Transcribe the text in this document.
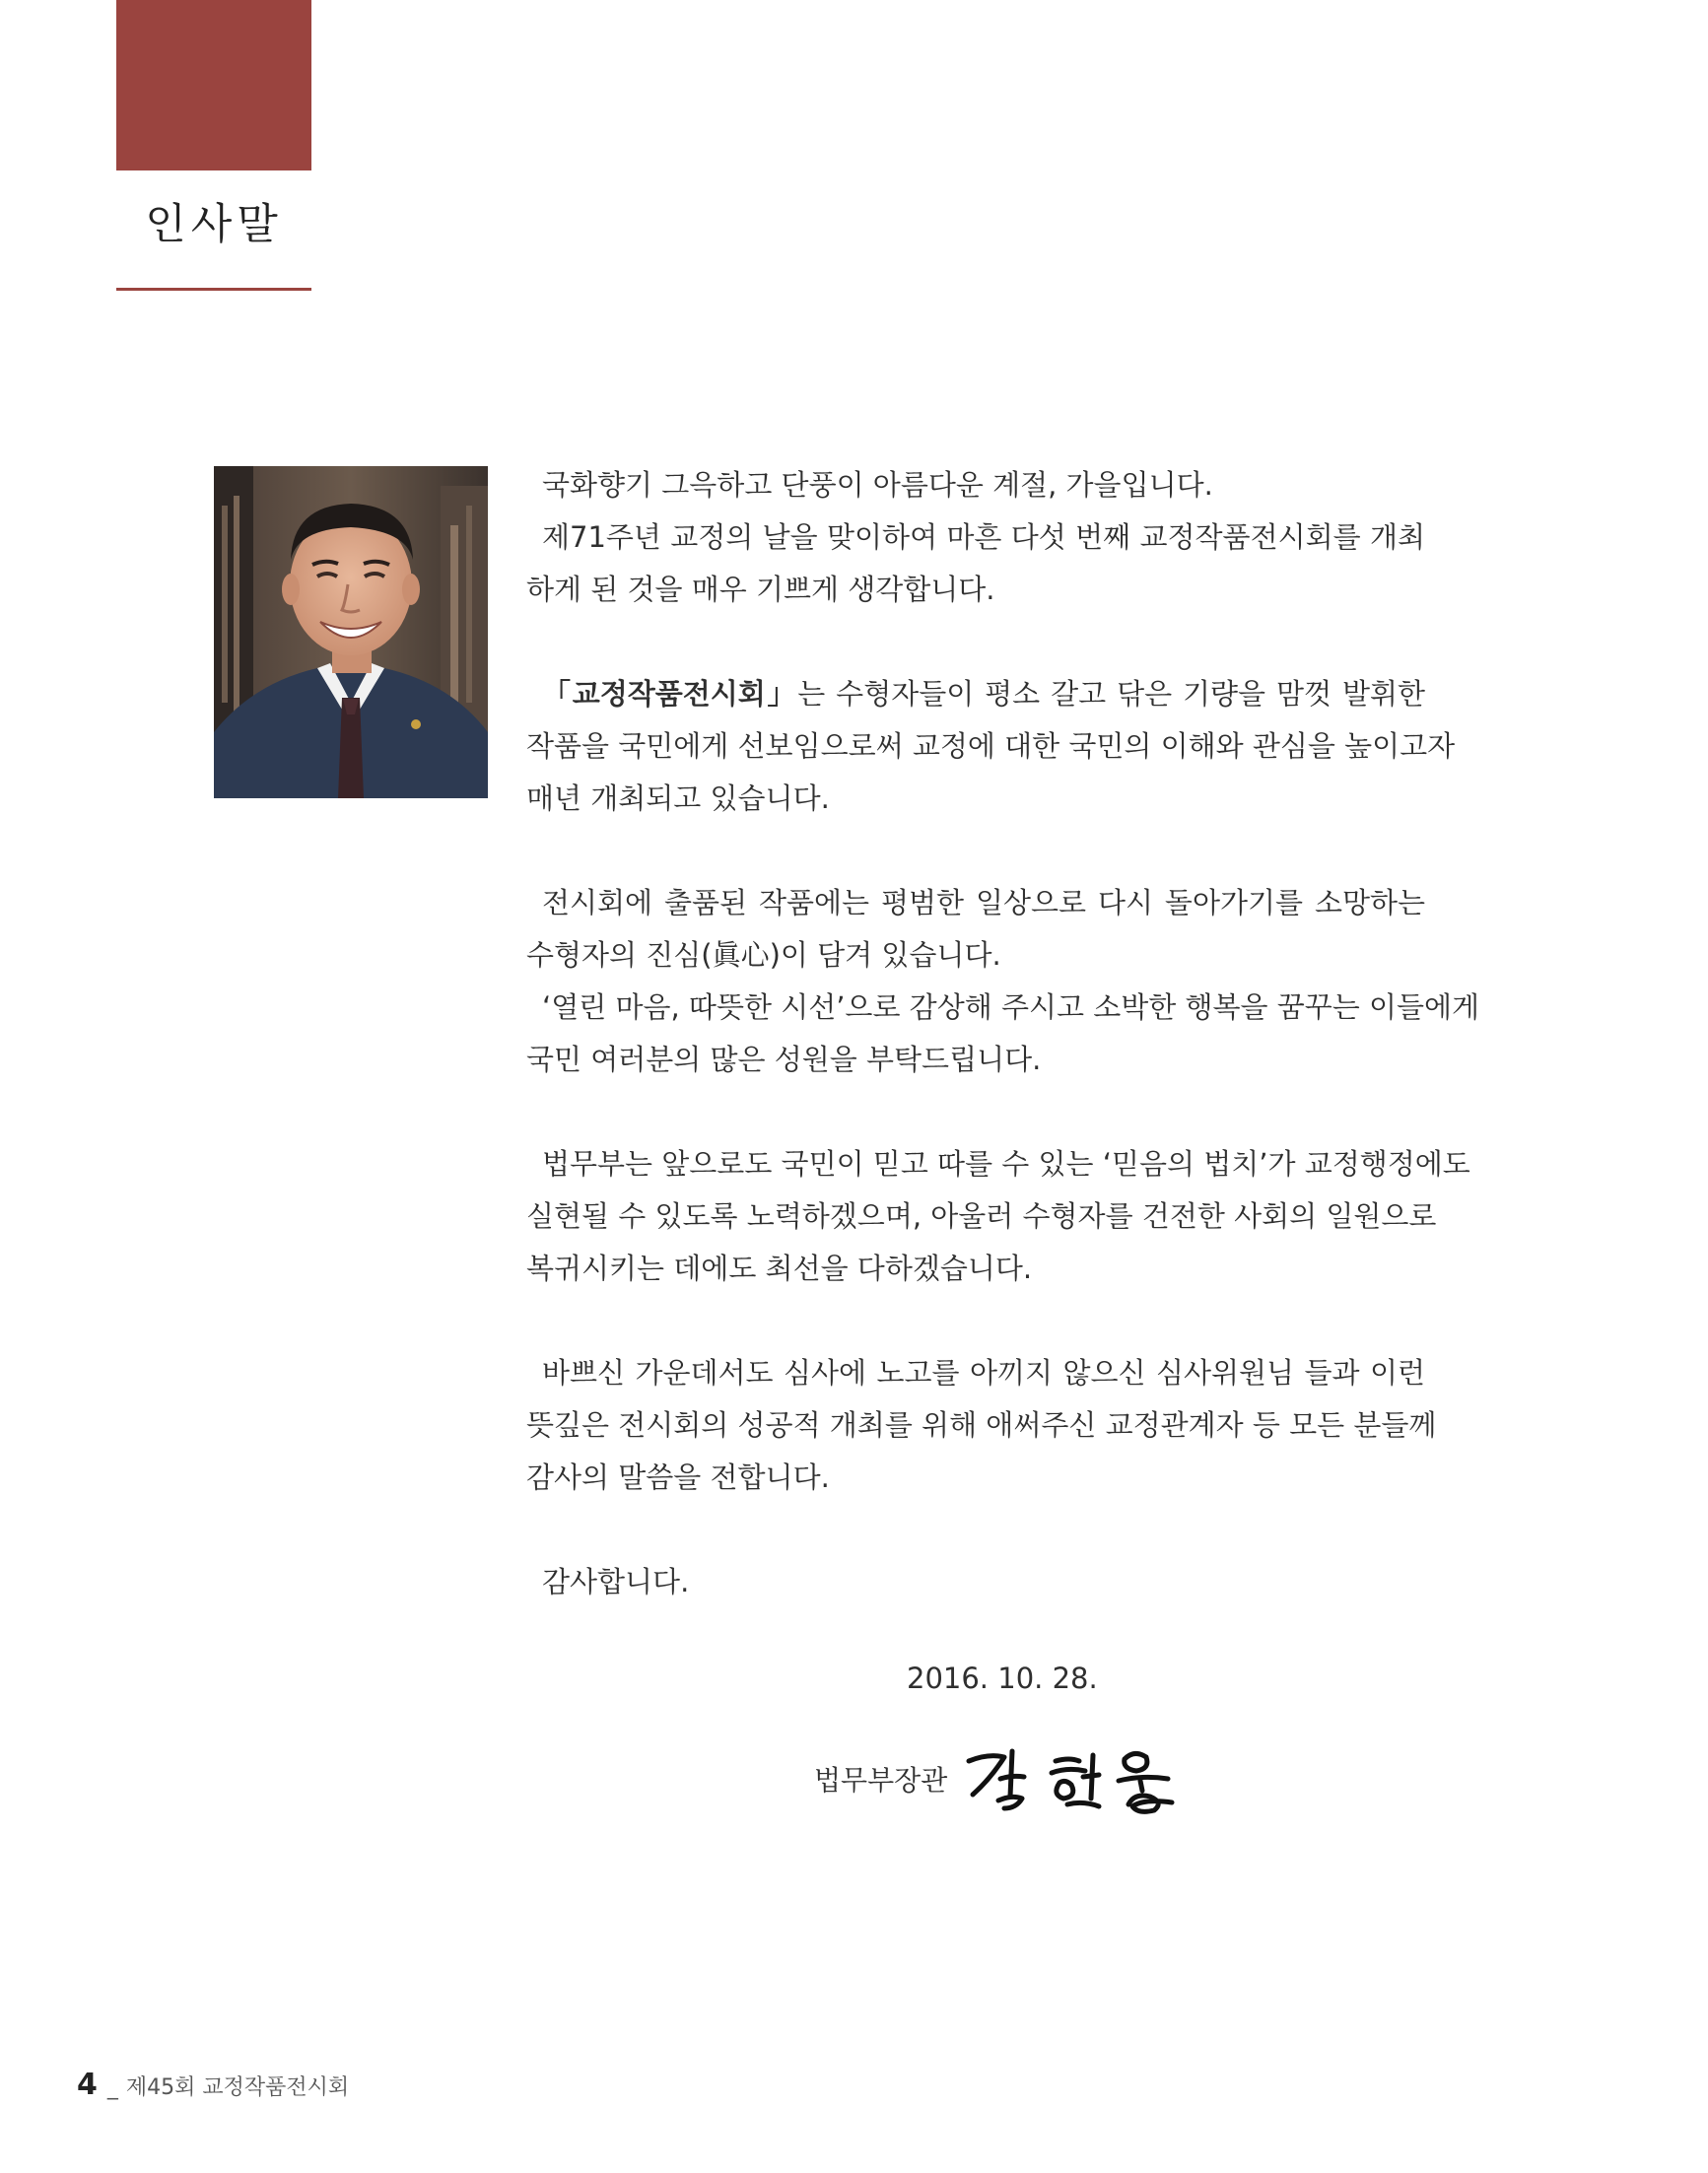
인사말
국화향기 그윽하고 단풍이 아름다운 계절, 가을입니다.
제71주년 교정의 날을 맞이하여 마흔 다섯 번째 교정작품전시회를 개최
하게 된 것을 매우 기쁘게 생각합니다.
「교정작품전시회」는 수형자들이 평소 갈고 닦은 기량을 맘껏 발휘한
작품을 국민에게 선보임으로써 교정에 대한 국민의 이해와 관심을 높이고자
매년 개최되고 있습니다.
전시회에 출품된 작품에는 평범한 일상으로 다시 돌아가기를 소망하는
수형자의 진심(眞心)이 담겨 있습니다.
‘열린 마음, 따뜻한 시선’으로 감상해 주시고 소박한 행복을 꿈꾸는 이들에게
국민 여러분의 많은 성원을 부탁드립니다.
법무부는 앞으로도 국민이 믿고 따를 수 있는 ‘믿음의 법치’가 교정행정에도
실현될 수 있도록 노력하겠으며, 아울러 수형자를 건전한 사회의 일원으로
복귀시키는 데에도 최선을 다하겠습니다.
바쁘신 가운데서도 심사에 노고를 아끼지 않으신 심사위원님 들과 이런
뜻깊은 전시회의 성공적 개최를 위해 애써주신 교정관계자 등 모든 분들께
감사의 말씀을 전합니다.
감사합니다.
2016. 10. 28.
법무부장관
4 _ 제45회 교정작품전시회
